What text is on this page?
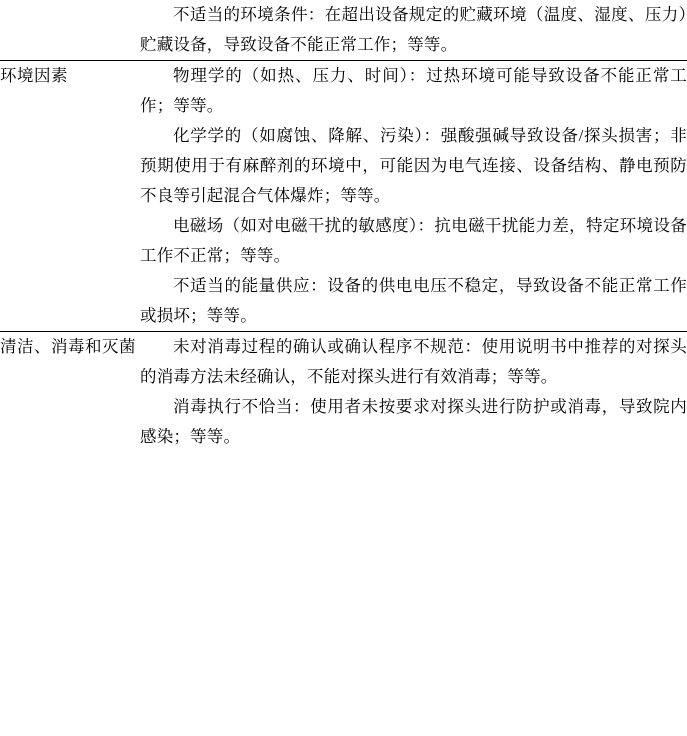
	不适当的环境条件：在超出设备规定的贮藏环境（温度、湿度、压力）贮藏设备，导致设备不能正常工作；等等。

环境因素	物理学的（如热、压力、时间）：过热环境可能导致设备不能正常工作；等等。

化学学的（如腐蚀、降解、污染）：强酸强碱导致设备/探头损害；非预期使用于有麻醉剂的环境中，可能因为电气连接、设备结构、静电预防不良等引起混合气体爆炸；等等。

电磁场（如对电磁干扰的敏感度）：抗电磁干扰能力差，特定环境设备工作不正常；等等。

不适当的能量供应：设备的供电电压不稳定，导致设备不能正常工作或损坏；等等。

清洁、消毒和灭菌	未对消毒过程的确认或确认程序不规范：使用说明书中推荐的对探头的消毒方法未经确认，不能对探头进行有效消毒；等等。

消毒执行不恰当：使用者未按要求对探头进行防护或消毒，导致院内感染；等等。
